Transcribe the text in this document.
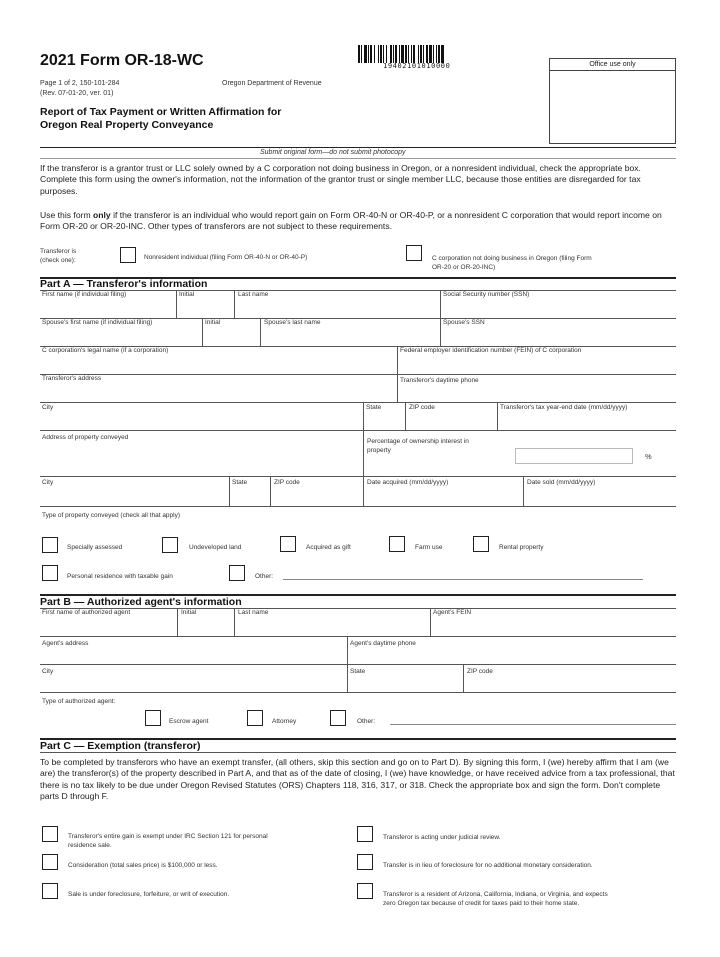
2021 Form OR-18-WC
Page 1 of 2, 150-101-284
(Rev. 07-01-20, ver. 01)
Oregon Department of Revenue
Report of Tax Payment or Written Affirmation for
Oregon Real Property Conveyance
19402101010000	Office use only
Submit original form—do not submit photocopy
If the transferor is a grantor trust or LLC solely owned by a C corporation not doing business in Oregon, or a nonresident individual, check the appropriate box. Complete this form using the owner's information, not the information of the grantor trust or single member LLC, because those entities are disregarded for tax purposes.
Use this form only if the transferor is an individual who would report gain on Form OR-40-N or OR-40-P, or a nonresident C corporation that would report income on Form OR-20 or OR-20-INC. Other types of transferors are not subject to these requirements.
Transferor is
(check one):	Nonresident individual (filing Form OR-40-N or OR-40-P)	C corporation not doing business in Oregon (filing Form
OR-20 or OR-20-INC)
Part A — Transferor's information
First name (if individual filing)	Initial	Last name	Social Security number (SSN)
Spouse's first name (if individual filing)	Initial	Spouse's last name	Spouse's SSN
C corporation's legal name (if a corporation)	Federal employer identification number (FEIN) of C corporation
Transferor's address	Transferor's daytime phone
City	State	ZIP code	Transferor's tax year-end date (mm/dd/yyyy)
Address of property conveyed
Percentage of ownership interest in
property
%
City	State	ZIP code	Date acquired (mm/dd/yyyy)	Date sold (mm/dd/yyyy)
Type of property conveyed (check all that apply)
Specially assessed	Undeveloped land	Acquired as gift	Farm use	Rental property
Personal residence with taxable gain	Other:
Part B — Authorized agent's information
First name of authorized agent	Initial	Last name	Agent's FEIN
Agent's address	Agent's daytime phone
City	State	ZIP code
Type of authorized agent:
Escrow agent	Attorney	Other:
Part C — Exemption (transferor)
To be completed by transferors who have an exempt transfer, (all others, skip this section and go on to Part D). By signing this form, I (we) hereby affirm that I am (we are) the transferor(s) of the property described in Part A, and that as of the date of closing, I (we) have knowledge, or have received advice from a tax professional, that there is no tax likely to be due under Oregon Revised Statutes (ORS) Chapters 118, 316, 317, or 318. Check the appropriate box and sign the form. Don't complete parts D through F.
Transferor's entire gain is exempt under IRC Section 121 for personal
residence sale.
Transferor is acting under judicial review.
Consideration (total sales price) is $100,000 or less.	Transfer is in lieu of foreclosure for no additional monetary consideration.
Sale is under foreclosure, forfeiture, or writ of execution.	Transferor is a resident of Arizona, California, Indiana, or Virginia, and expects
zero Oregon tax because of credit for taxes paid to their home state.
